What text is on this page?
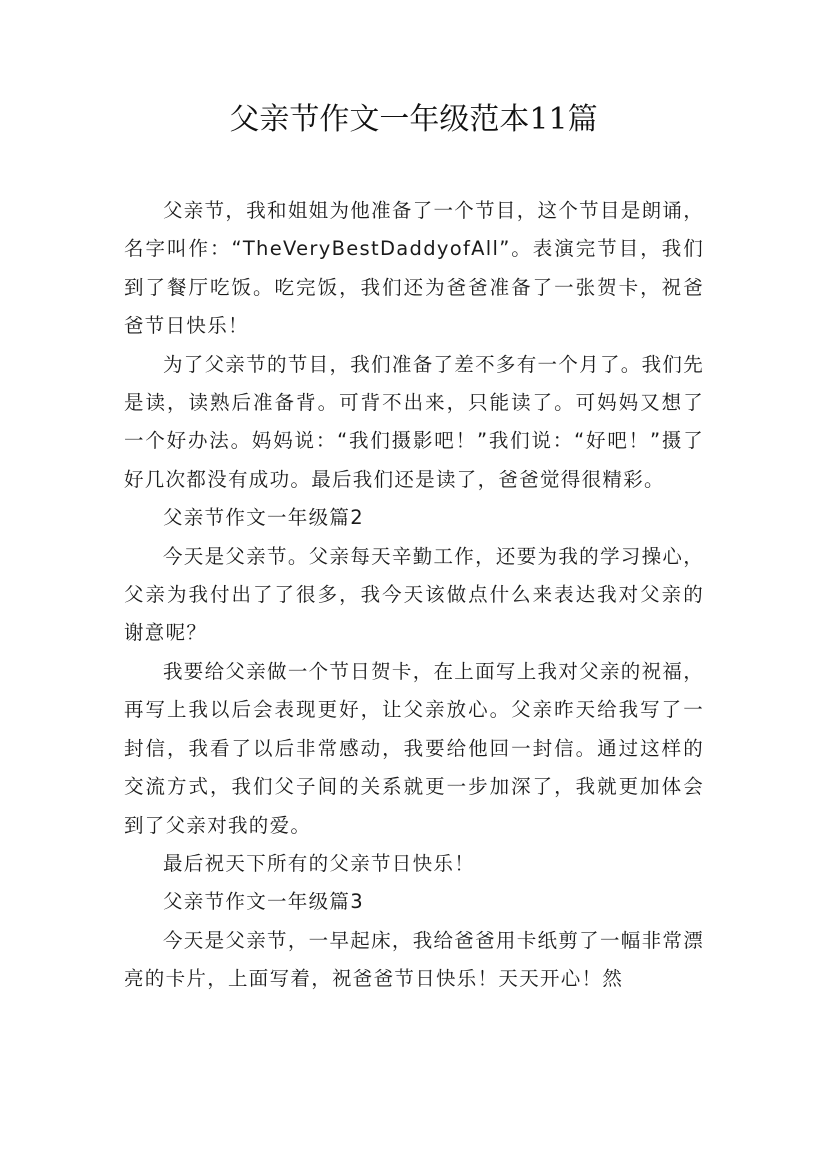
父亲节作文一年级范本11篇

父亲节，我和姐姐为他准备了一个节目，这个节目是朗诵，名字叫作：“TheVeryBestDaddyofAll”。表演完节目，我们到了餐厅吃饭。吃完饭，我们还为爸爸准备了一张贺卡，祝爸爸节日快乐！

为了父亲节的节目，我们准备了差不多有一个月了。我们先是读，读熟后准备背。可背不出来，只能读了。可妈妈又想了一个好办法。妈妈说：“我们摄影吧！”我们说：“好吧！”摄了好几次都没有成功。最后我们还是读了，爸爸觉得很精彩。

父亲节作文一年级篇2

今天是父亲节。父亲每天辛勤工作，还要为我的学习操心，父亲为我付出了了很多，我今天该做点什么来表达我对父亲的谢意呢？

我要给父亲做一个节日贺卡，在上面写上我对父亲的祝福，再写上我以后会表现更好，让父亲放心。父亲昨天给我写了一封信，我看了以后非常感动，我要给他回一封信。通过这样的交流方式，我们父子间的关系就更一步加深了，我就更加体会到了父亲对我的爱。

最后祝天下所有的父亲节日快乐！

父亲节作文一年级篇3

今天是父亲节，一早起床，我给爸爸用卡纸剪了一幅非常漂亮的卡片，上面写着，祝爸爸节日快乐！天天开心！然
